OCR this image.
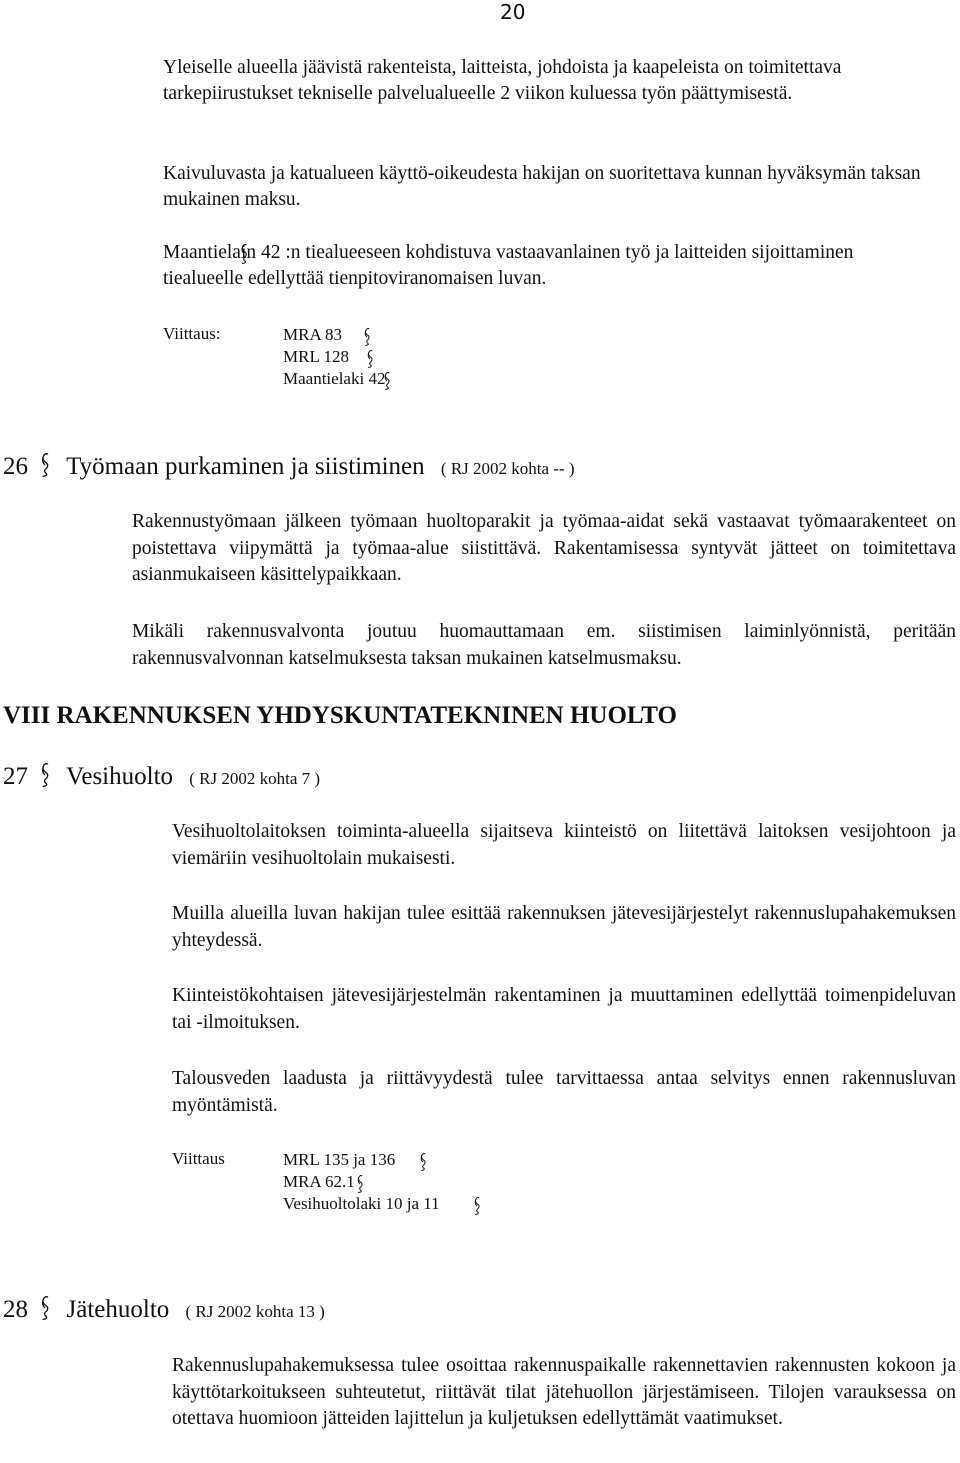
20

Yleiselle alueella jäävistä rakenteista, laitteista, johdoista ja kaapeleista on toimitettava tarkepiirustukset tekniselle palvelualueelle 2 viikon kuluessa työn päättymisestä.

Kaivuluvasta ja katualueen käyttö-oikeudesta hakijan on suoritettava kunnan hyväksymän taksan mukainen maksu.

Maantielain 42 :n tiealueeseen kohdistuva vastaavanlainen työ ja laitteiden sijoittaminen tiealueelle edellyttää tienpitoviranomaisen luvan.

Viittaus:	MRA 83
MRL 128
Maantielaki 42
26 Työmaan purkaminen ja siistiminen ( RJ 2002 kohta -- )

Rakennustyömaan jälkeen työmaan huoltoparakit ja työmaa-aidat sekä vastaavat työmaarakenteet on poistettava viipymättä ja työmaa-alue siistittävä. Rakentamisessa syntyvät jätteet on toimitettava asianmukaiseen käsittelypaikkaan.

Mikäli rakennusvalvonta joutuu huomauttamaan em. siistimisen laiminlyönnistä, peritään rakennusvalvonnan katselmuksesta taksan mukainen katselmusmaksu.

VIII RAKENNUKSEN YHDYSKUNTATEKNINEN HUOLTO
27 Vesihuolto ( RJ 2002 kohta 7 )

Vesihuoltolaitoksen toiminta-alueella sijaitseva kiinteistö on liitettävä laitoksen vesijohtoon ja viemäriin vesihuoltolain mukaisesti.

Muilla alueilla luvan hakijan tulee esittää rakennuksen jätevesijärjestelyt rakennuslupahakemuksen yhteydessä.

Kiinteistökohtaisen jätevesijärjestelmän rakentaminen ja muuttaminen edellyttää toimenpideluvan tai -ilmoituksen.

Talousveden laadusta ja riittävyydestä tulee tarvittaessa antaa selvitys ennen rakennusluvan myöntämistä.

Viittaus	MRL 135 ja 136
MRA 62.1
Vesihuoltolaki 10 ja 11
28 Jätehuolto ( RJ 2002 kohta 13 )

Rakennuslupahakemuksessa tulee osoittaa rakennuspaikalle rakennettavien rakennusten kokoon ja käyttötarkoitukseen suhteutetut, riittävät tilat jätehuollon järjestämiseen. Tilojen varauksessa on otettava huomioon jätteiden lajittelun ja kuljetuksen edellyttämät vaatimukset.
